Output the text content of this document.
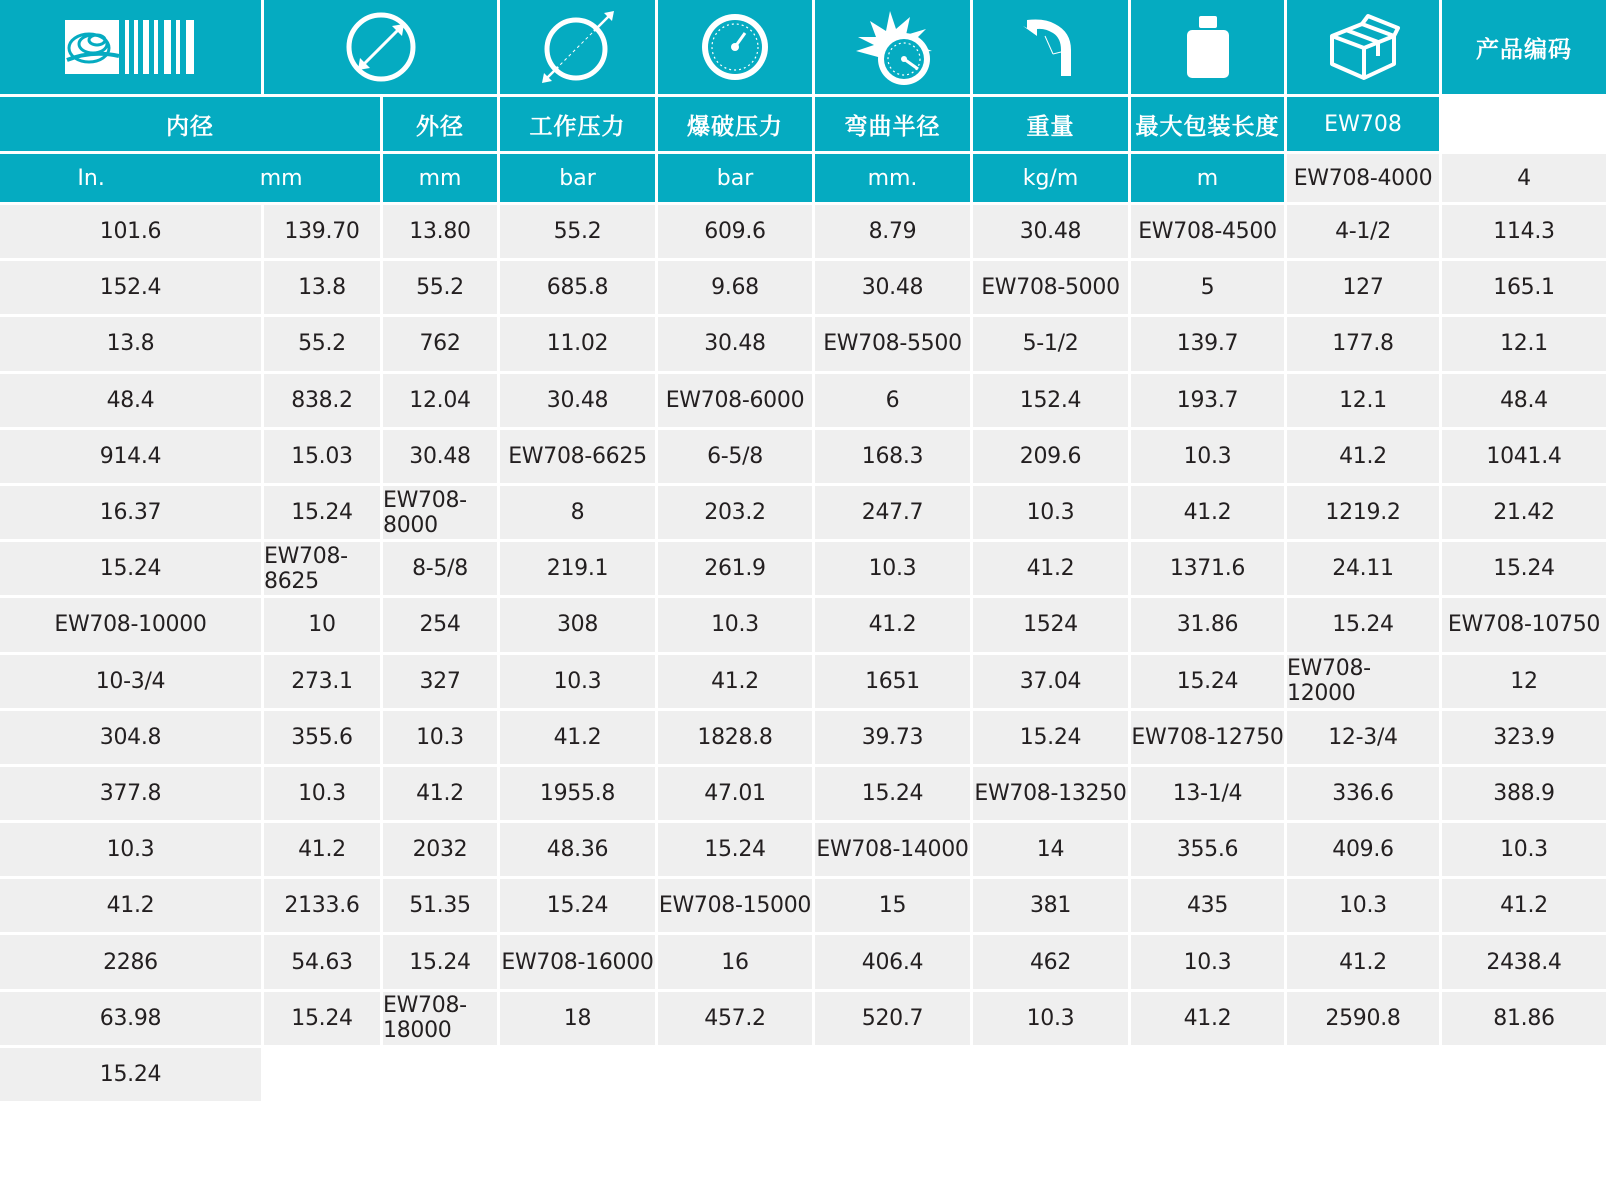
产品编码
内径	外径	工作压力	爆破压力	弯曲半径	重量	最大包装长度	EW708
In.	mm	mm	bar	bar	mm.	kg/m	m	EW708-4000	4
101.6	139.70	13.80	55.2	609.6	8.79	30.48	EW708-4500	4-1/2	114.3
152.4	13.8	55.2	685.8	9.68	30.48	EW708-5000	5	127	165.1
13.8	55.2	762	11.02	30.48	EW708-5500	5-1/2	139.7	177.8	12.1
48.4	838.2	12.04	30.48	EW708-6000	6	152.4	193.7	12.1	48.4
914.4	15.03	30.48	EW708-6625	6-5/8	168.3	209.6	10.3	41.2	1041.4
16.37	15.24	EW708-8000	8	203.2	247.7	10.3	41.2	1219.2	21.42
15.24	EW708-8625	8-5/8	219.1	261.9	10.3	41.2	1371.6	24.11	15.24
EW708-10000	10	254	308	10.3	41.2	1524	31.86	15.24	EW708-10750
10-3/4	273.1	327	10.3	41.2	1651	37.04	15.24	EW708-12000	12
304.8	355.6	10.3	41.2	1828.8	39.73	15.24	EW708-12750	12-3/4	323.9
377.8	10.3	41.2	1955.8	47.01	15.24	EW708-13250	13-1/4	336.6	388.9
10.3	41.2	2032	48.36	15.24	EW708-14000	14	355.6	409.6	10.3
41.2	2133.6	51.35	15.24	EW708-15000	15	381	435	10.3	41.2
2286	54.63	15.24	EW708-16000	16	406.4	462	10.3	41.2	2438.4
63.98	15.24	EW708-18000	18	457.2	520.7	10.3	41.2	2590.8	81.86
15.24
